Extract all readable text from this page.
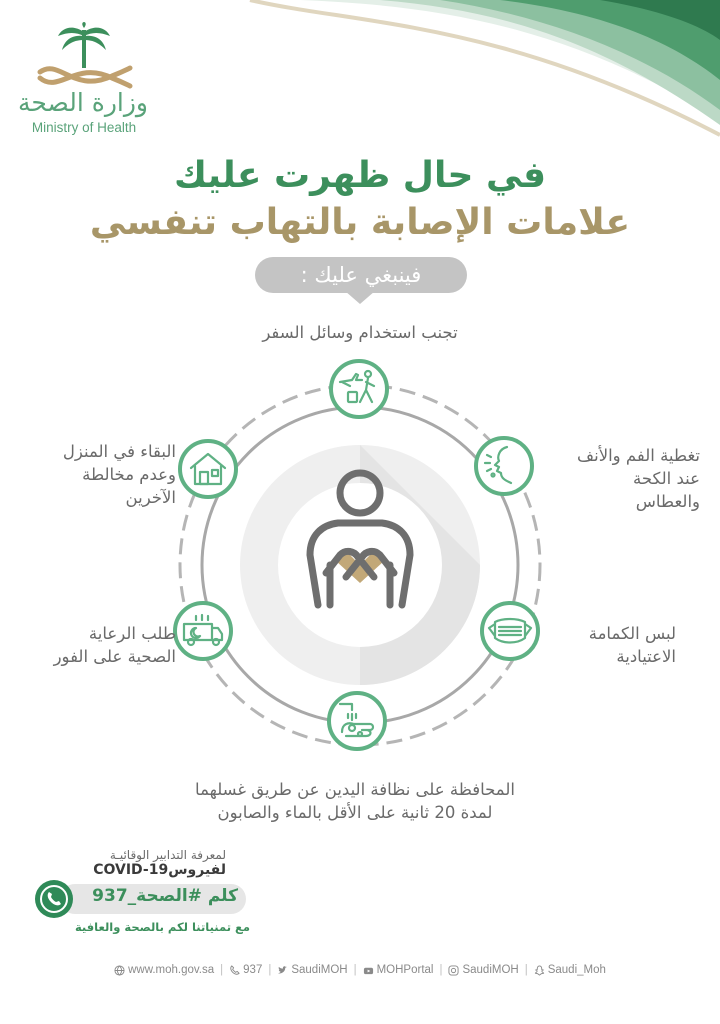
وزارة الصحة
Ministry of Health
في حال ظهرت عليك
علامات الإصابة بالتهاب تنفسي
فينبغي عليك :
تجنب استخدام وسائل السفر
البقاء في المنزل
وعدم مخالطة
الآخرين
تغطية الفم والأنف
عند الكحة
والعطاس
طلب الرعاية
الصحية على الفور
لبس الكمامة
الاعتيادية
المحافظة على نظافة اليدين عن طريق غسلهما
لمدة 20 ثانية على الأقل بالماء والصابون
لمعرفة التدابير الوقائيـة
لفيروسCOVID-19
كلم #الصحة_937
مع تمنياتنا لكم بالصحة والعافية
www.moh.gov.sa | 937 | SaudiMOH | MOHPortal | SaudiMOH | Saudi_Moh
